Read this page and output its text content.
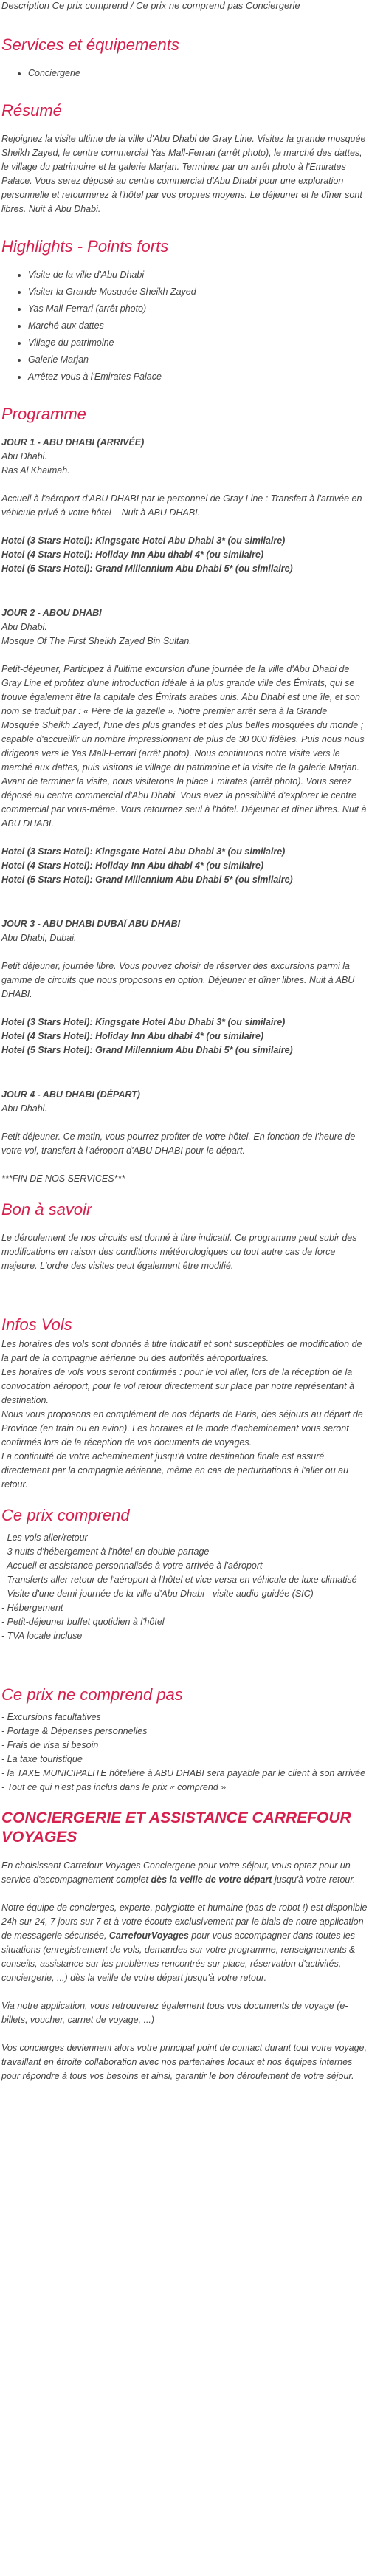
Description Ce prix comprend / Ce prix ne comprend pas Conciergerie
Services et équipements
• Conciergerie
Résumé

Rejoignez la visite ultime de la ville d'Abu Dhabi de Gray Line. Visitez la grande mosquée Sheikh Zayed, le centre commercial Yas Mall-Ferrari (arrêt photo), le marché des dattes, le village du patrimoine et la galerie Marjan. Terminez par un arrêt photo à l'Emirates Palace. Vous serez déposé au centre commercial d'Abu Dhabi pour une exploration personnelle et retournerez à l'hôtel par vos propres moyens. Le déjeuner et le dîner sont libres. Nuit à Abu Dhabi.

Highlights - Points forts
• Visite de la ville d'Abu Dhabi
• Visiter la Grande Mosquée Sheikh Zayed
• Yas Mall-Ferrari (arrêt photo)
• Marché aux dattes
• Village du patrimoine
• Galerie Marjan
• Arrêtez-vous à l'Emirates Palace
Programme

JOUR 1 - ABU DHABI (ARRIVÉE)
Abu Dhabi.
Ras Al Khaimah.

Accueil à l'aéroport d'ABU DHABI par le personnel de Gray Line : Transfert à l'arrivée en véhicule privé à votre hôtel – Nuit à ABU DHABI.

Hotel (3 Stars Hotel): Kingsgate Hotel Abu Dhabi 3* (ou similaire)
Hotel (4 Stars Hotel): Holiday Inn Abu dhabi 4* (ou similaire)
Hotel (5 Stars Hotel): Grand Millennium Abu Dhabi 5* (ou similaire)

JOUR 2 - ABOU DHABI
Abu Dhabi.
Mosque Of The First Sheikh Zayed Bin Sultan.

Petit-déjeuner, Participez à l'ultime excursion d'une journée de la ville d'Abu Dhabi de Gray Line et profitez d'une introduction idéale à la plus grande ville des Émirats, qui se trouve également être la capitale des Émirats arabes unis. Abu Dhabi est une île, et son nom se traduit par : « Père de la gazelle ». Notre premier arrêt sera à la Grande Mosquée Sheikh Zayed, l'une des plus grandes et des plus belles mosquées du monde ; capable d'accueillir un nombre impressionnant de plus de 30 000 fidèles. Puis nous nous dirigeons vers le Yas Mall-Ferrari (arrêt photo). Nous continuons notre visite vers le marché aux dattes, puis visitons le village du patrimoine et la visite de la galerie Marjan. Avant de terminer la visite, nous visiterons la place Emirates (arrêt photo). Vous serez déposé au centre commercial d'Abu Dhabi. Vous avez la possibilité d'explorer le centre commercial par vous-même. Vous retournez seul à l'hôtel. Déjeuner et dîner libres. Nuit à ABU DHABI.

Hotel (3 Stars Hotel): Kingsgate Hotel Abu Dhabi 3* (ou similaire)
Hotel (4 Stars Hotel): Holiday Inn Abu dhabi 4* (ou similaire)
Hotel (5 Stars Hotel): Grand Millennium Abu Dhabi 5* (ou similaire)

JOUR 3 - ABU DHABI DUBAÏ ABU DHABI
Abu Dhabi, Dubai.

Petit déjeuner, journée libre. Vous pouvez choisir de réserver des excursions parmi la gamme de circuits que nous proposons en option. Déjeuner et dîner libres. Nuit à ABU DHABI.

Hotel (3 Stars Hotel): Kingsgate Hotel Abu Dhabi 3* (ou similaire)
Hotel (4 Stars Hotel): Holiday Inn Abu dhabi 4* (ou similaire)
Hotel (5 Stars Hotel): Grand Millennium Abu Dhabi 5* (ou similaire)

JOUR 4 - ABU DHABI (DÉPART)
Abu Dhabi.

Petit déjeuner. Ce matin, vous pourrez profiter de votre hôtel. En fonction de l'heure de votre vol, transfert à l'aéroport d'ABU DHABI pour le départ.

***FIN DE NOS SERVICES***

Bon à savoir

Le déroulement de nos circuits est donné à titre indicatif. Ce programme peut subir des modifications en raison des conditions météorologiques ou tout autre cas de force majeure. L'ordre des visites peut également être modifié.

Infos Vols

Les horaires des vols sont donnés à titre indicatif et sont susceptibles de modification de la part de la compagnie aérienne ou des autorités aéroportuaires.
Les horaires de vols vous seront confirmés : pour le vol aller, lors de la réception de la convocation aéroport, pour le vol retour directement sur place par notre représentant à destination.
Nous vous proposons en complément de nos départs de Paris, des séjours au départ de Province (en train ou en avion). Les horaires et le mode d'acheminement vous seront confirmés lors de la réception de vos documents de voyages.
La continuité de votre acheminement jusqu'à votre destination finale est assuré directement par la compagnie aérienne, même en cas de perturbations à l'aller ou au retour.

Ce prix comprend

- Les vols aller/retour
- 3 nuits d'hébergement à l'hôtel en double partage
- Accueil et assistance personnalisés à votre arrivée à l'aéroport
- Transferts aller-retour de l'aéroport à l'hôtel et vice versa en véhicule de luxe climatisé
- Visite d'une demi-journée de la ville d'Abu Dhabi - visite audio-guidée (SIC)
- Hébergement
- Petit-déjeuner buffet quotidien à l'hôtel
- TVA locale incluse

Ce prix ne comprend pas

- Excursions facultatives
- Portage & Dépenses personnelles
- Frais de visa si besoin
- La taxe touristique
- la TAXE MUNICIPALITE hôtelière à ABU DHABI sera payable par le client à son arrivée
- Tout ce qui n'est pas inclus dans le prix « comprend »

CONCIERGERIE ET ASSISTANCE CARREFOUR VOYAGES

En choisissant Carrefour Voyages Conciergerie pour votre séjour, vous optez pour un service d'accompagnement complet dès la veille de votre départ jusqu'à votre retour.

Notre équipe de concierges, experte, polyglotte et humaine (pas de robot !) est disponible 24h sur 24, 7 jours sur 7 et à votre écoute exclusivement par le biais de notre application de messagerie sécurisée, CarrefourVoyages pour vous accompagner dans toutes les situations (enregistrement de vols, demandes sur votre programme, renseignements & conseils, assistance sur les problèmes rencontrés sur place, réservation d'activités, conciergerie, ...) dès la veille de votre départ jusqu'à votre retour.

Via notre application, vous retrouverez également tous vos documents de voyage (e-billets, voucher, carnet de voyage, ...)

Vos concierges deviennent alors votre principal point de contact durant tout votre voyage, travaillant en étroite collaboration avec nos partenaires locaux et nos équipes internes pour répondre à tous vos besoins et ainsi, garantir le bon déroulement de votre séjour.
